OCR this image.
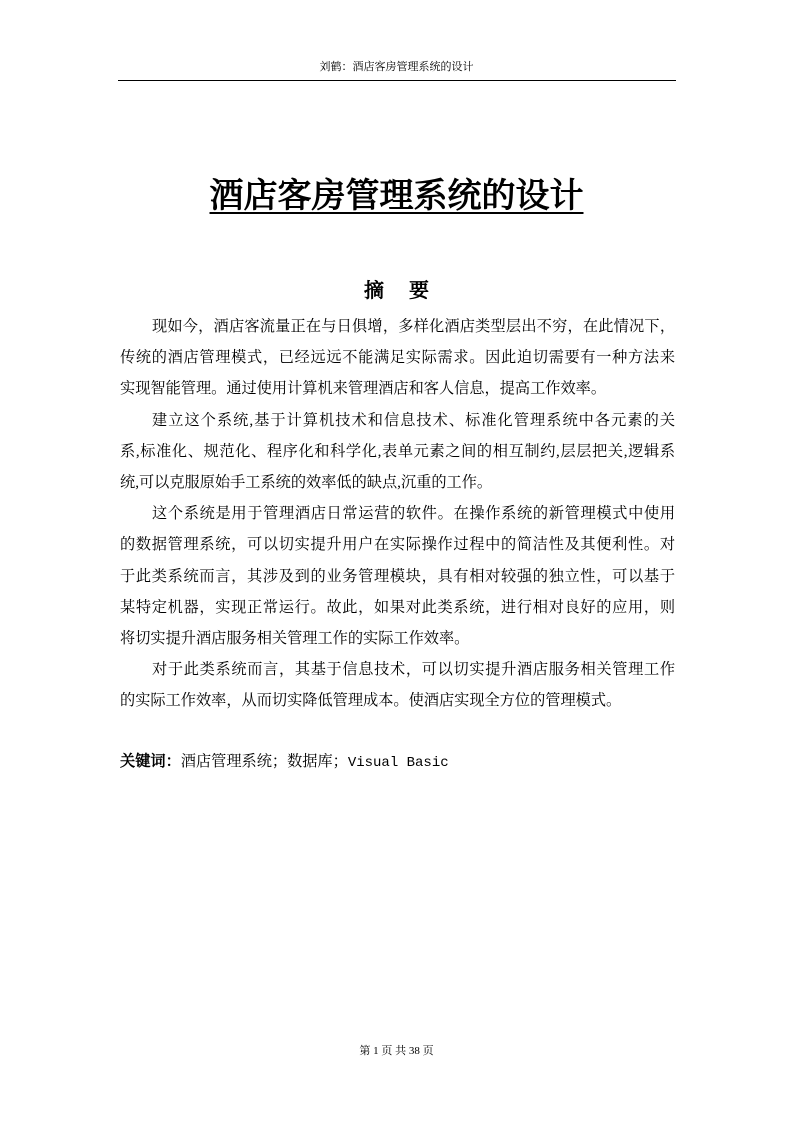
刘鹤：酒店客房管理系统的设计
酒店客房管理系统的设计
摘 要
现如今，酒店客流量正在与日俱增，多样化酒店类型层出不穷，在此情况下，
传统的酒店管理模式，已经远远不能满足实际需求。因此迫切需要有一种方法来
实现智能管理。通过使用计算机来管理酒店和客人信息，提高工作效率。
建立这个系统,基于计算机技术和信息技术、标准化管理系统中各元素的关
系,标准化、规范化、程序化和科学化,表单元素之间的相互制约,层层把关,逻辑系
统,可以克服原始手工系统的效率低的缺点,沉重的工作。
这个系统是用于管理酒店日常运营的软件。在操作系统的新管理模式中使用
的数据管理系统，可以切实提升用户在实际操作过程中的简洁性及其便利性。对
于此类系统而言，其涉及到的业务管理模块，具有相对较强的独立性，可以基于
某特定机器，实现正常运行。故此，如果对此类系统，进行相对良好的应用，则
将切实提升酒店服务相关管理工作的实际工作效率。
对于此类系统而言，其基于信息技术，可以切实提升酒店服务相关管理工作
的实际工作效率，从而切实降低管理成本。使酒店实现全方位的管理模式。
关键词：酒店管理系统；数据库；Visual Basic
第 1 页 共 38 页
